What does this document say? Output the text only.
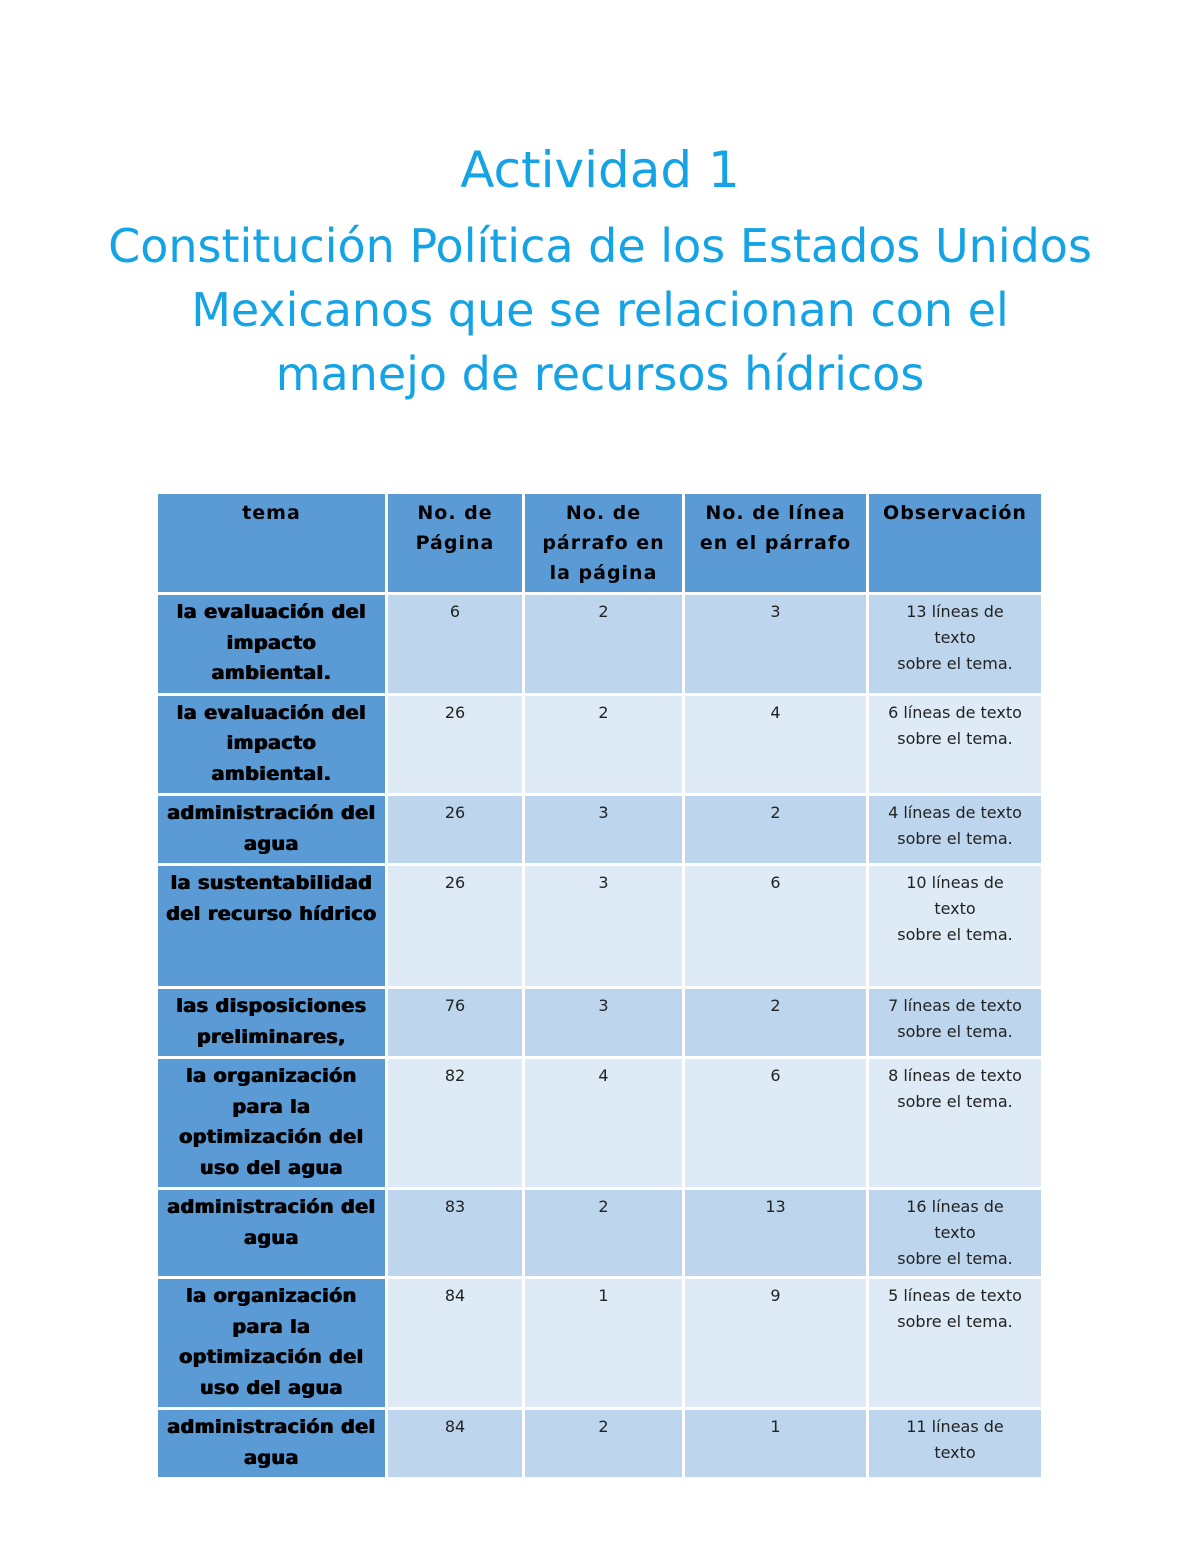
Actividad 1
Constitución Política de los Estados Unidos Mexicanos que se relacionan con el manejo de recursos hídricos
tema	No. de Página	No. de párrafo en la página	No. de línea en el párrafo	Observación
la evaluación del impacto ambiental.	6	2	3	13 líneas de
texto
sobre el tema.
la evaluación del impacto ambiental.	26	2	4	6 líneas de texto
sobre el tema.
administración del agua	26	3	2	4 líneas de texto
sobre el tema.
la sustentabilidad del recurso hídrico	26	3	6	10 líneas de
texto
sobre el tema.
las disposiciones preliminares,	76	3	2	7 líneas de texto
sobre el tema.
la organización para la optimización del uso del agua	82	4	6	8 líneas de texto
sobre el tema.
administración del agua	83	2	13	16 líneas de
texto
sobre el tema.
la organización para la optimización del uso del agua	84	1	9	5 líneas de texto
sobre el tema.
administración del agua	84	2	1	11 líneas de
texto
